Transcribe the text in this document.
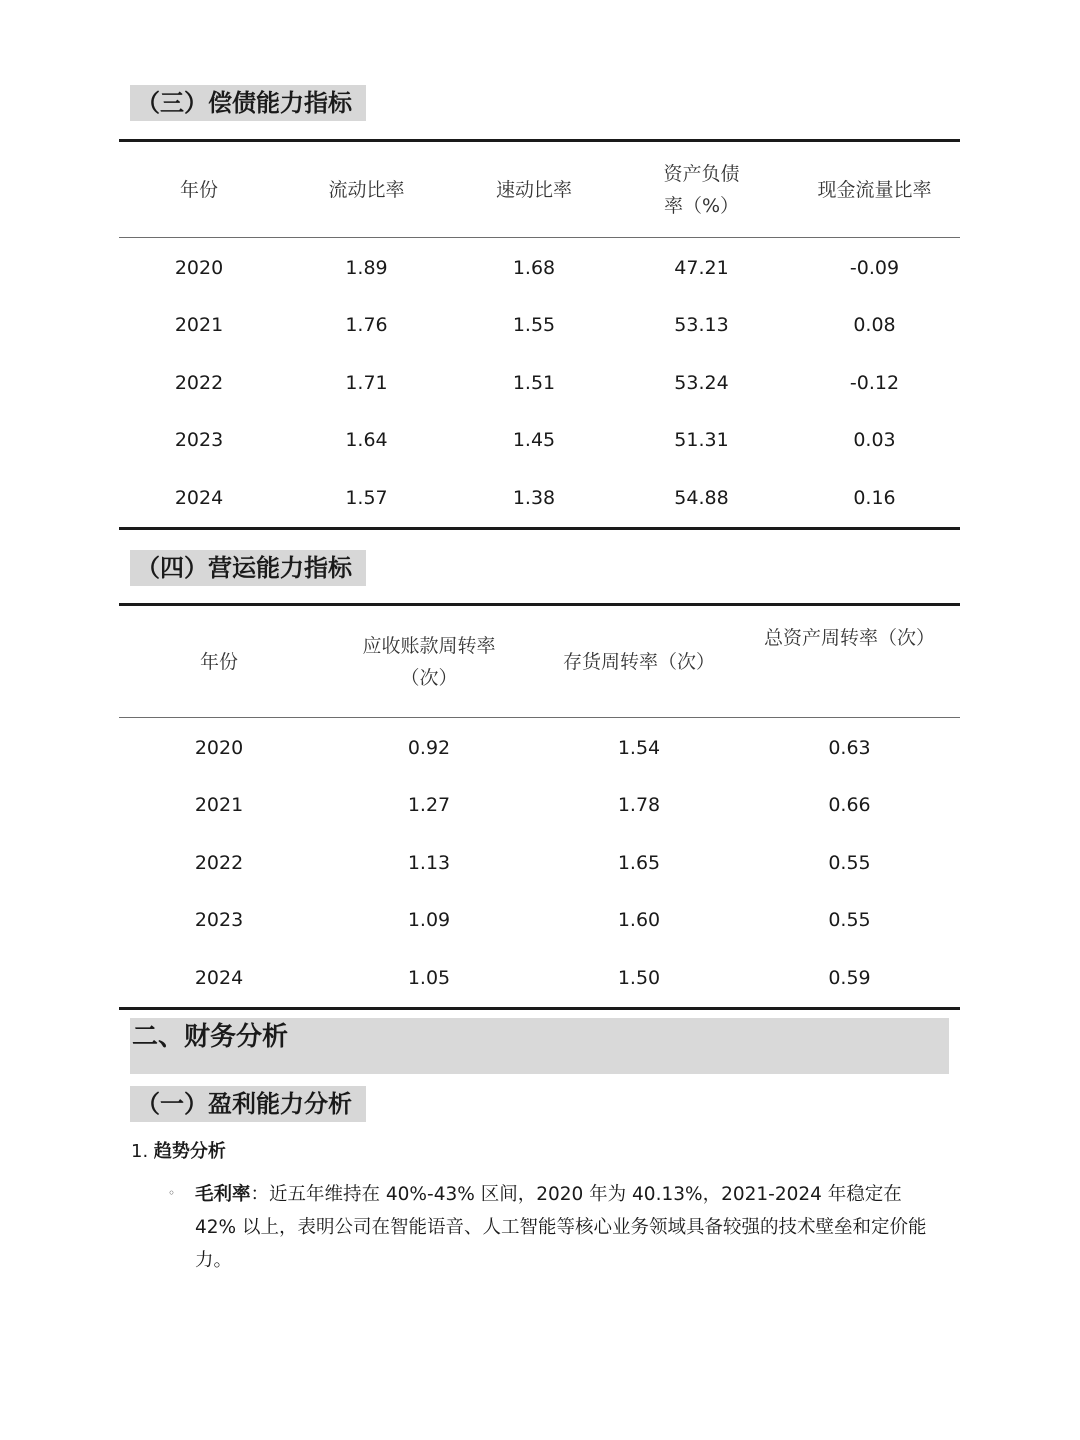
（三）偿债能力指标
年份	流动比率	速动比率	资产负债率（%）	现金流量比率
2020	1.89	1.68	47.21	-0.09
2021	1.76	1.55	53.13	0.08
2022	1.71	1.51	53.24	-0.12
2023	1.64	1.45	51.31	0.03
2024	1.57	1.38	54.88	0.16
（四）营运能力指标
年份	应收账款周转率（次）	存货周转率（次）	总资产周转率（次）
2020	0.92	1.54	0.63
2021	1.27	1.78	0.66
2022	1.13	1.65	0.55
2023	1.09	1.60	0.55
2024	1.05	1.50	0.59
二、财务分析
（一）盈利能力分析
1. 趋势分析
◦ 毛利率：近五年维持在 40%-43% 区间，2020 年为 40.13%，2021-2024 年稳定在 42% 以上，表明公司在智能语音、人工智能等核心业务领域具备较强的技术壁垒和定价能力。
